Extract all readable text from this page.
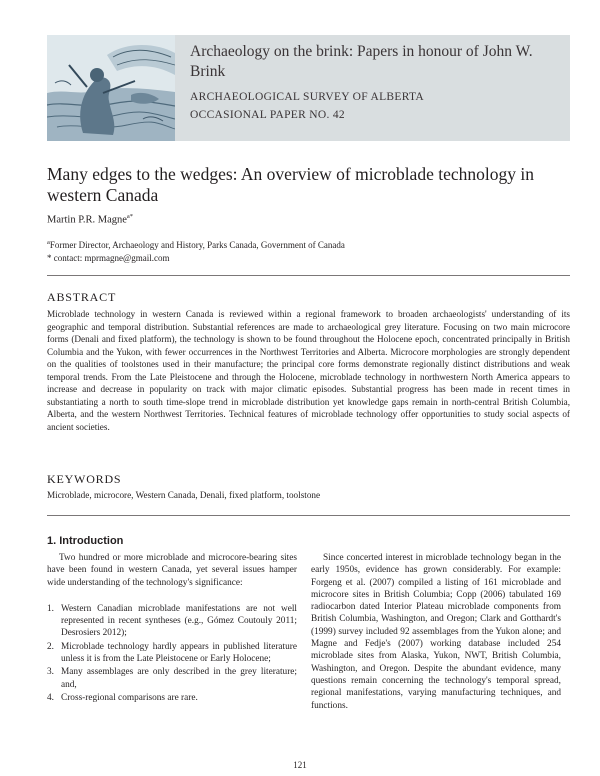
Archaeology on the brink: Papers in honour of John W. Brink
ARCHAEOLOGICAL SURVEY OF ALBERTA
OCCASIONAL PAPER NO. 42
Many edges to the wedges: An overview of microblade technology in western Canada
Martin P.R. Magne$^{a*}$
$^a$Former Director, Archaeology and History, Parks Canada, Government of Canada
* contact: mprmagne@gmail.com
ABSTRACT
Microblade technology in western Canada is reviewed within a regional framework to broaden archaeologists' understanding of its geographic and temporal distribution. Substantial references are made to archaeological grey literature. Focusing on two main microcore forms (Denali and fixed platform), the technology is shown to be found throughout the Holocene epoch, concentrated principally in British Columbia and the Yukon, with fewer occurrences in the Northwest Territories and Alberta. Microcore morphologies are strongly dependent on the qualities of toolstones used in their manufacture; the principal core forms demonstrate regionally distinct distributions and weak temporal trends. From the Late Pleistocene and through the Holocene, microblade technology in northwestern North America appears to increase and decrease in popularity on track with major climatic episodes. Substantial progress has been made in recent times in substantiating a north to south time-slope trend in microblade distribution yet knowledge gaps remain in north-central British Columbia, Alberta, and the western Northwest Territories. Technical features of microblade technology offer opportunities to study social aspects of ancient societies.
KEYWORDS
Microblade, microcore, Western Canada, Denali, fixed platform, toolstone
1. Introduction

Two hundred or more microblade and microcore-bearing sites have been found in western Canada, yet several issues hamper wide understanding of the technology's significance:

1. Western Canadian microblade manifestations are not well represented in recent syntheses (e.g., Gómez Coutouly 2011; Desrosiers 2012);
2. Microblade technology hardly appears in published literature unless it is from the Late Pleistocene or Early Holocene;
3. Many assemblages are only described in the grey literature; and,
4. Cross-regional comparisons are rare.

Since concerted interest in microblade technology began in the early 1950s, evidence has grown considerably. For example: Forgeng et al. (2007) compiled a listing of 161 microblade and microcore sites in British Columbia; Copp (2006) tabulated 169 radiocarbon dated Interior Plateau microblade components from British Columbia, Washington, and Oregon; Clark and Gotthardt's (1999) survey included 92 assemblages from the Yukon alone; and Magne and Fedje's (2007) working database included 254 microblade sites from Alaska, Yukon, NWT, British Columbia, Washington, and Oregon. Despite the abundant evidence, many questions remain concerning the technology's temporal spread, regional manifestations, varying manufacturing techniques, and functions.

121
